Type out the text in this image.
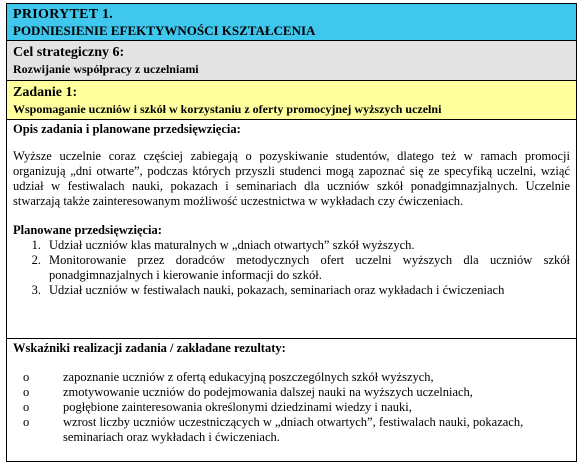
PRIORYTET 1.
PODNIESIENIE EFEKTYWNOŚCI KSZTAŁCENIA
Cel strategiczny 6:
Rozwijanie współpracy z uczelniami
Zadanie 1:
Wspomaganie uczniów i szkół w korzystaniu z oferty promocyjnej wyższych uczelni
Opis zadania i planowane przedsięwzięcia:
Wyższe uczelnie coraz częściej zabiegają o pozyskiwanie studentów, dlatego też w ramach promocji organizują „dni otwarte”, podczas których przyszli studenci mogą zapoznać się ze specyfiką uczelni, wziąć udział w festiwalach nauki, pokazach i seminariach dla uczniów szkół ponadgimnazjalnych. Uczelnie stwarzają także zainteresowanym możliwość uczestnictwa w wykładach czy ćwiczeniach.
Planowane przedsięwzięcia:
1. Udział uczniów klas maturalnych w „dniach otwartych” szkół wyższych.
2. Monitorowanie przez doradców metodycznych ofert uczelni wyższych dla uczniów szkół ponadgimnazjalnych i kierowanie informacji do szkół.
3. Udział uczniów w festiwalach nauki, pokazach, seminariach oraz wykładach i ćwiczeniach
Wskaźniki realizacji zadania / zakładane rezultaty:
o	zapoznanie uczniów z ofertą edukacyjną poszczególnych szkół wyższych,
o	zmotywowanie uczniów do podejmowania dalszej nauki na wyższych uczelniach,
o	pogłębione zainteresowania określonymi dziedzinami wiedzy i nauki,
o	wzrost liczby uczniów uczestniczących w „dniach otwartych”, festiwalach nauki, pokazach, seminariach oraz wykładach i ćwiczeniach.
